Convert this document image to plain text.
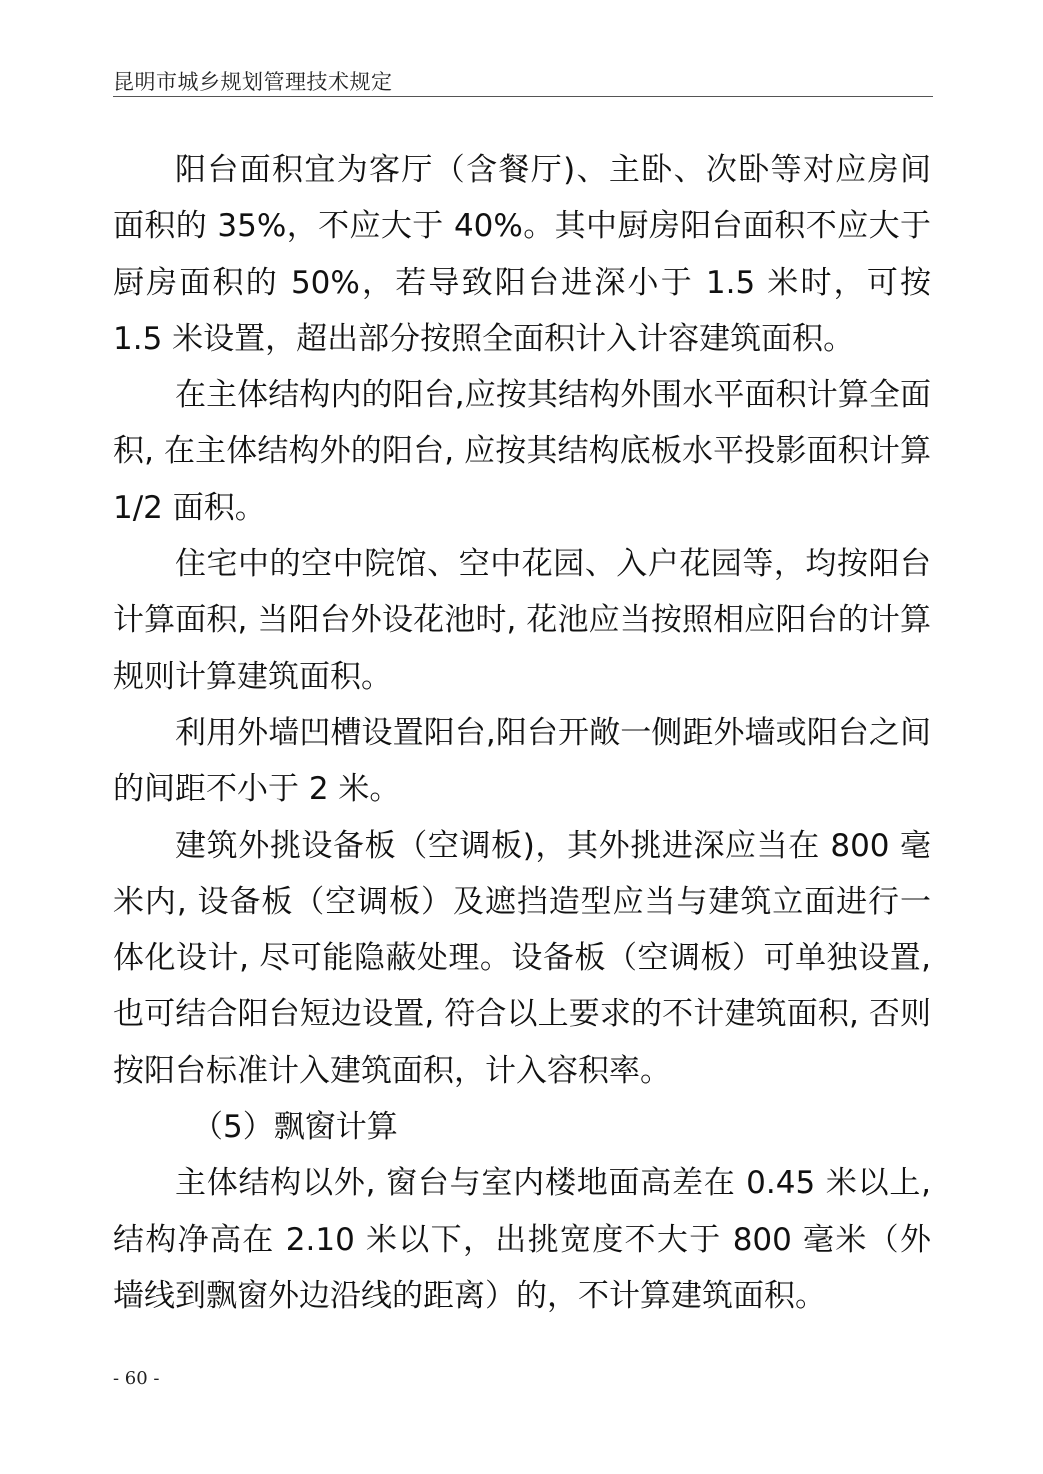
昆明市城乡规划管理技术规定

阳台面积宜为客厅（含餐厅)、主卧、次卧等对应房间面积的 35%，不应大于 40%。其中厨房阳台面积不应大于厨房面积的 50%，若导致阳台进深小于 1.5 米时，可按 1.5 米设置，超出部分按照全面积计入计容建筑面积。

在主体结构内的阳台,应按其结构外围水平面积计算全面积, 在主体结构外的阳台, 应按其结构底板水平投影面积计算 1/2 面积。

住宅中的空中院馆、空中花园、入户花园等，均按阳台计算面积, 当阳台外设花池时, 花池应当按照相应阳台的计算规则计算建筑面积。

利用外墙凹槽设置阳台,阳台开敞一侧距外墙或阳台之间的间距不小于 2 米。

建筑外挑设备板（空调板)，其外挑进深应当在 800 毫米内, 设备板（空调板）及遮挡造型应当与建筑立面进行一体化设计, 尽可能隐蔽处理。设备板（空调板）可单独设置, 也可结合阳台短边设置, 符合以上要求的不计建筑面积, 否则按阳台标准计入建筑面积，计入容积率。

（5）飘窗计算

主体结构以外, 窗台与室内楼地面高差在 0.45 米以上, 结构净高在 2.10 米以下，出挑宽度不大于 800 毫米（外墙线到飘窗外边沿线的距离）的，不计算建筑面积。

- 60 -
